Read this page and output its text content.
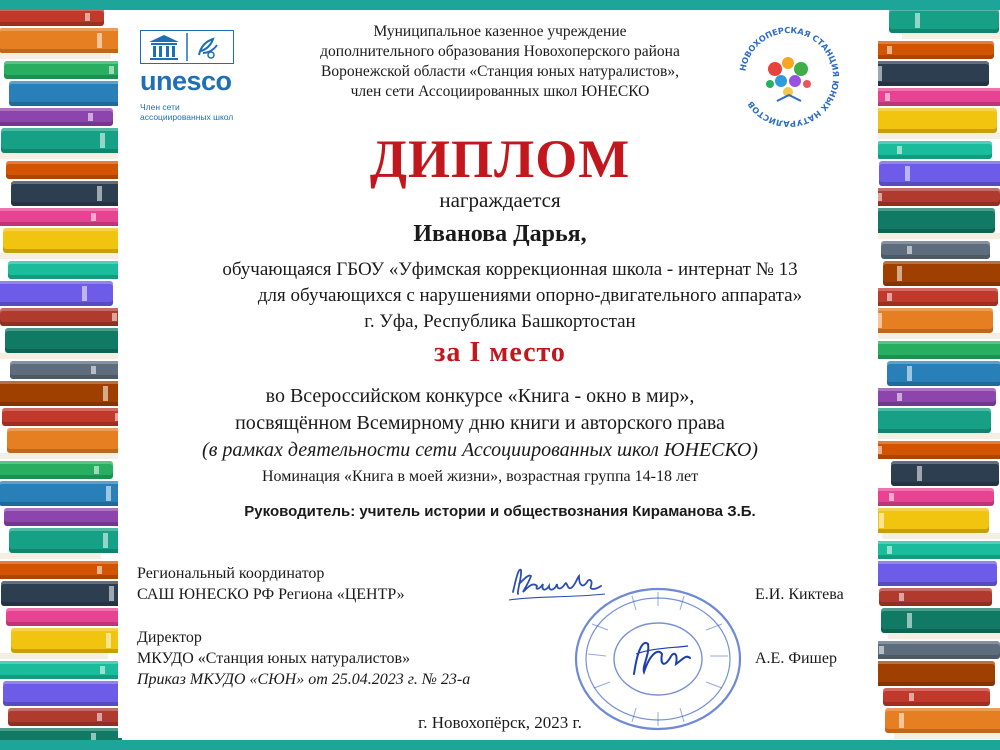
unesco
Член сети
ассоциированных школ
НОВОХОПЕРСКАЯ СТАНЦИЯ ЮНЫХ НАТУРАЛИСТОВ
Муниципальное казенное учреждение
дополнительного образования Новохоперского района
Воронежской области «Станция юных натуралистов»,
член сети Ассоциированных школ ЮНЕСКО
ДИПЛОМ
награждается
Иванова Дарья,
обучающаяся ГБОУ «Уфимская коррекционная школа - интернат № 13
для обучающихся с нарушениями опорно-двигательного аппарата»
г. Уфа, Республика Башкортостан
за I место
во Всероссийском конкурсе «Книга - окно в мир»,
посвящённом Всемирному дню книги и авторского права
(в рамках деятельности сети Ассоциированных школ ЮНЕСКО)
Номинация «Книга в моей жизни», возрастная группа 14-18 лет
Руководитель: учитель истории и обществознания Кираманова З.Б.
Региональный координатор
САШ ЮНЕСКО РФ Региона «ЦЕНТР»	Е.И. Киктева
Директор
МКУДО «Станция юных натуралистов»	А.Е. Фишер
Приказ МКУДО «СЮН» от 25.04.2023 г. № 23-а
г. Новохопёрск, 2023 г.
